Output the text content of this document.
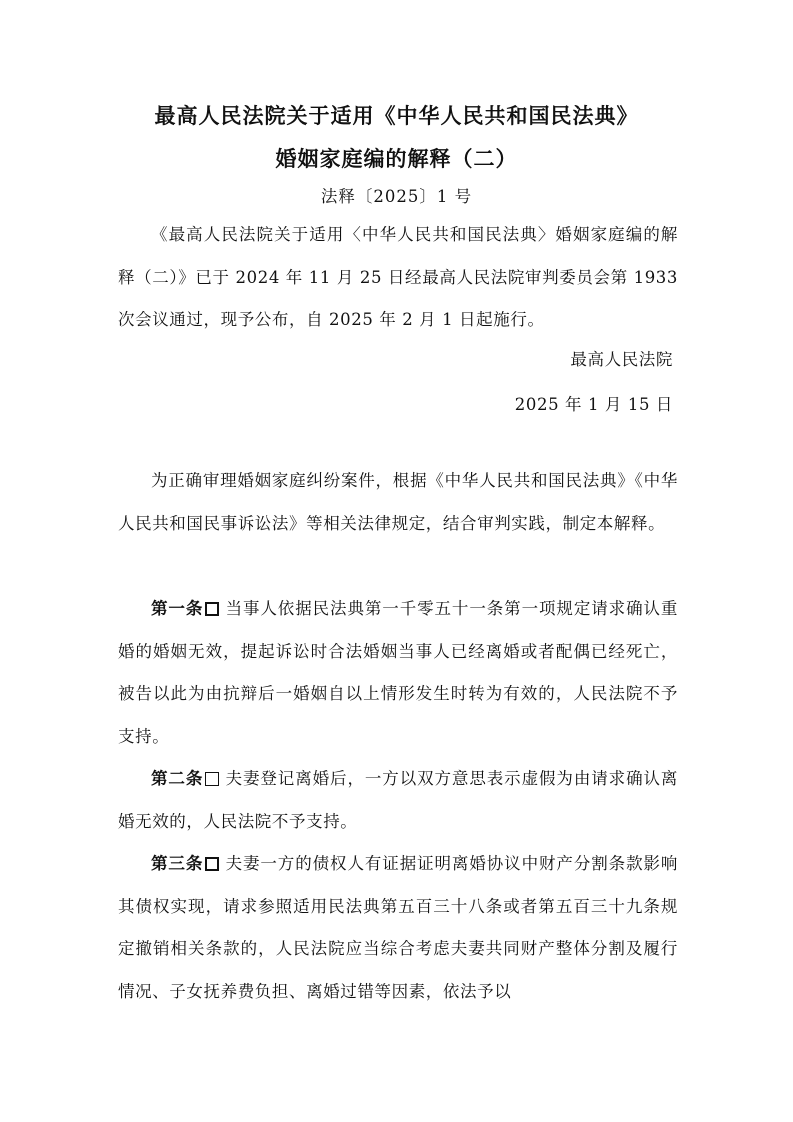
最高人民法院关于适用《中华人民共和国民法典》
婚姻家庭编的解释（二）
法释〔2025〕1 号
《最高人民法院关于适用〈中华人民共和国民法典〉婚姻家庭编的解释（二）》已于 2024 年 11 月 25 日经最高人民法院审判委员会第 1933 次会议通过，现予公布，自 2025 年 2 月 1 日起施行。
最高人民法院
2025 年 1 月 15 日
为正确审理婚姻家庭纠纷案件，根据《中华人民共和国民法典》《中华人民共和国民事诉讼法》等相关法律规定，结合审判实践，制定本解释。
第一条 当事人依据民法典第一千零五十一条第一项规定请求确认重婚的婚姻无效，提起诉讼时合法婚姻当事人已经离婚或者配偶已经死亡，被告以此为由抗辩后一婚姻自以上情形发生时转为有效的，人民法院不予支持。
第二条 夫妻登记离婚后，一方以双方意思表示虚假为由请求确认离婚无效的，人民法院不予支持。
第三条 夫妻一方的债权人有证据证明离婚协议中财产分割条款影响其债权实现，请求参照适用民法典第五百三十八条或者第五百三十九条规定撤销相关条款的，人民法院应当综合考虑夫妻共同财产整体分割及履行情况、子女抚养费负担、离婚过错等因素，依法予以
